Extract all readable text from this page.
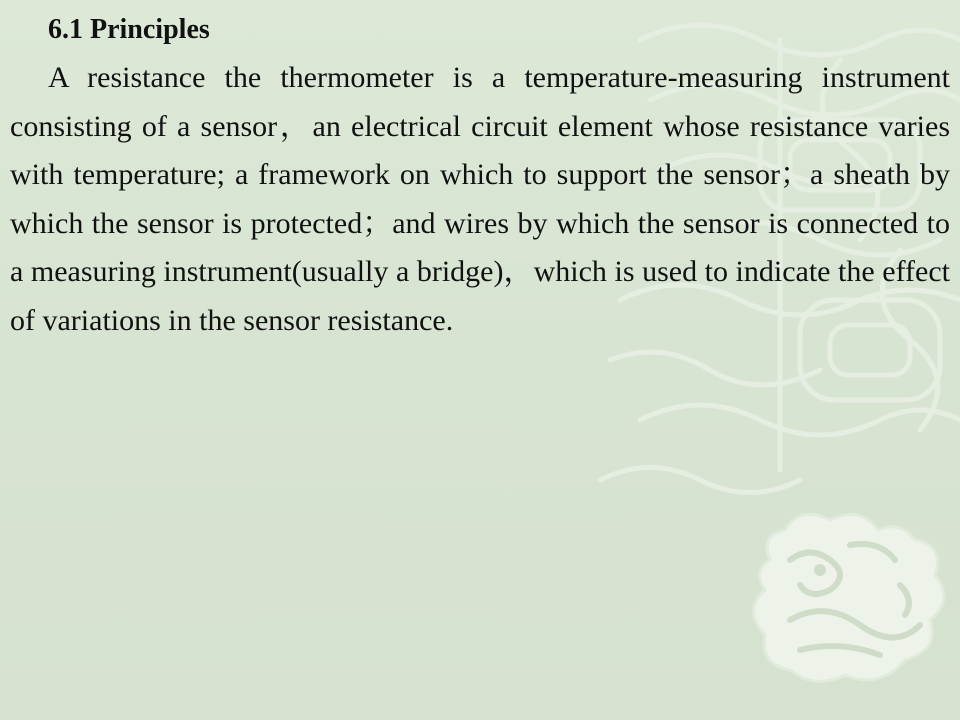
6.1 Principles

A resistance the thermometer is a temperature-measuring instrument consisting of a sensor，an electrical circuit element whose resistance varies with temperature; a framework on which to support the sensor；a sheath by which the sensor is protected；and wires by which the sensor is connected to a measuring instrument(usually a bridge)，which is used to indicate the effect of variations in the sensor resistance.
